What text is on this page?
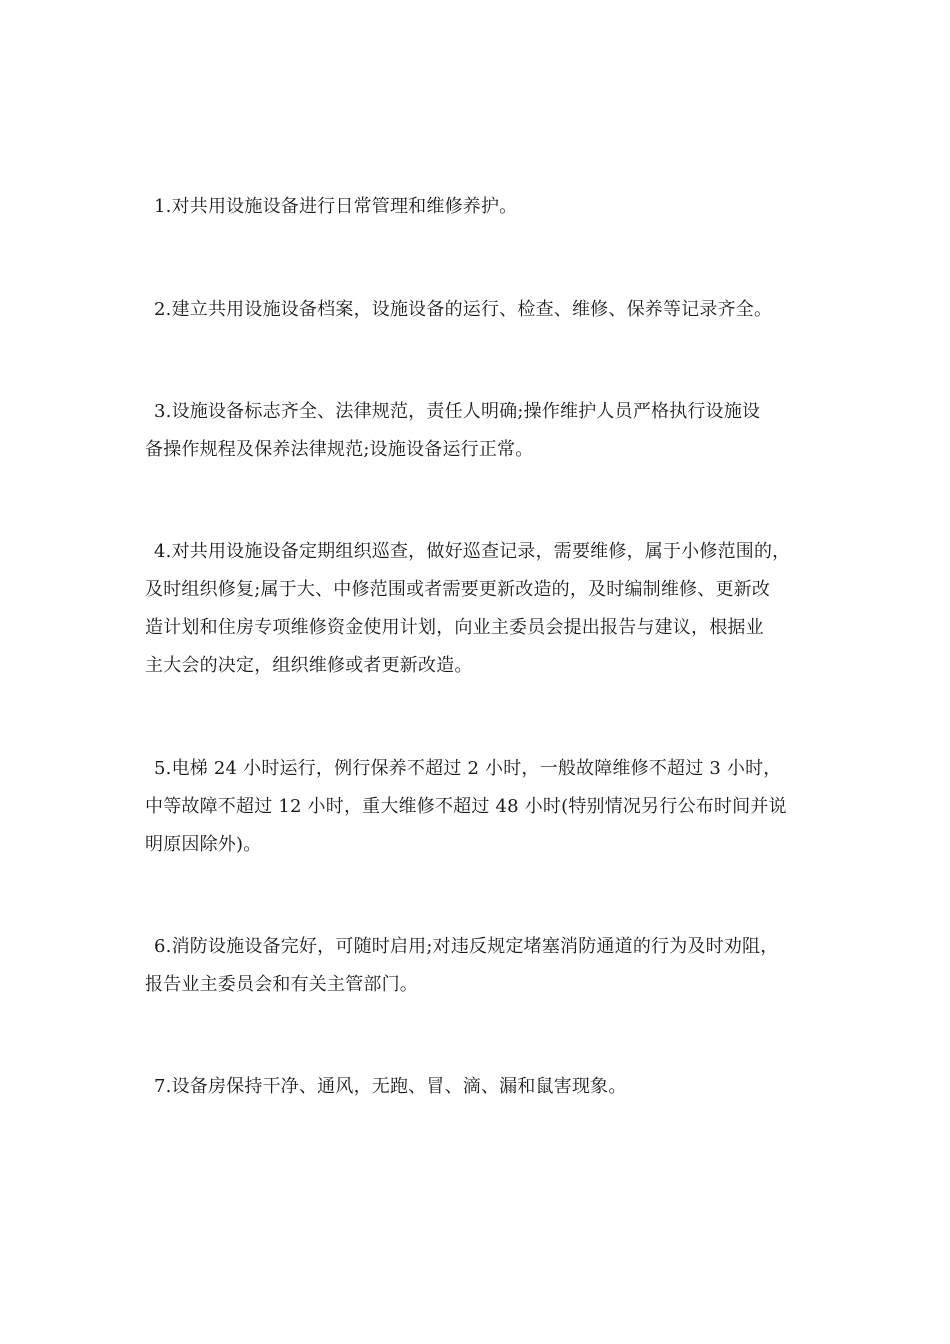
1.对共用设施设备进行日常管理和维修养护。

2.建立共用设施设备档案，设施设备的运行、检查、维修、保养等记录齐全。

3.设施设备标志齐全、法律规范，责任人明确;操作维护人员严格执行设施设
备操作规程及保养法律规范;设施设备运行正常。

4.对共用设施设备定期组织巡查，做好巡查记录，需要维修，属于小修范围的，
及时组织修复;属于大、中修范围或者需要更新改造的，及时编制维修、更新改
造计划和住房专项维修资金使用计划，向业主委员会提出报告与建议，根据业
主大会的决定，组织维修或者更新改造。

5.电梯 24 小时运行，例行保养不超过 2 小时，一般故障维修不超过 3 小时，
中等故障不超过 12 小时，重大维修不超过 48 小时(特别情况另行公布时间并说
明原因除外)。

6.消防设施设备完好，可随时启用;对违反规定堵塞消防通道的行为及时劝阻，
报告业主委员会和有关主管部门。

7.设备房保持干净、通风，无跑、冒、滴、漏和鼠害现象。
